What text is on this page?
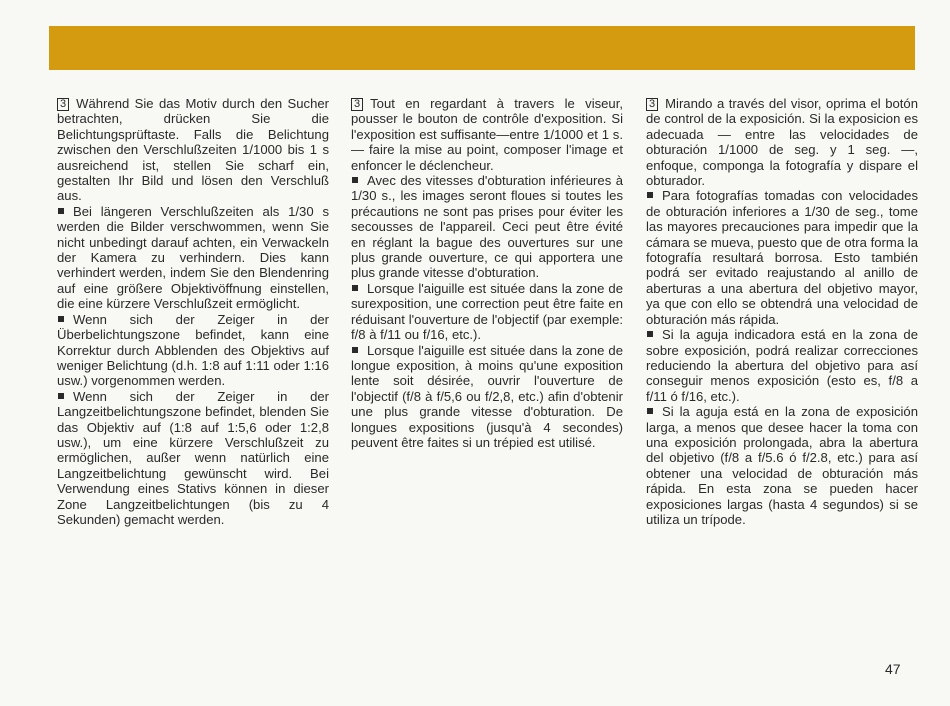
3 Während Sie das Motiv durch den Sucher betrachten, drücken Sie die Belichtungsprüftaste. Falls die Belichtung zwischen den Verschlußzeiten 1/1000 bis 1 s ausreichend ist, stellen Sie scharf ein, gestalten Ihr Bild und lösen den Verschluß aus.

Bei längeren Verschlußzeiten als 1/30 s werden die Bilder verschwommen, wenn Sie nicht unbedingt darauf achten, ein Verwackeln der Kamera zu verhindern. Dies kann verhindert werden, indem Sie den Blendenring auf eine größere Objektivöffnung einstellen, die eine kürzere Verschlußzeit ermöglicht.

Wenn sich der Zeiger in der Überbelichtungszone befindet, kann eine Korrektur durch Abblenden des Objektivs auf weniger Belichtung (d.h. 1:8 auf 1:11 oder 1:16 usw.) vorgenommen werden.

Wenn sich der Zeiger in der Langzeitbelichtungszone befindet, blenden Sie das Objektiv auf (1:8 auf 1:5,6 oder 1:2,8 usw.), um eine kürzere Verschlußzeit zu ermöglichen, außer wenn natürlich eine Langzeitbelichtung gewünscht wird. Bei Verwendung eines Stativs können in dieser Zone Langzeitbelichtungen (bis zu 4 Sekunden) gemacht werden.

3 Tout en regardant à travers le viseur, pousser le bouton de contrôle d'exposition. Si l'exposition est suffisante—entre 1/1000 et 1 s. — faire la mise au point, composer l'image et enfoncer le déclencheur.

Avec des vitesses d'obturation inférieures à 1/30 s., les images seront floues si toutes les précautions ne sont pas prises pour éviter les secousses de l'appareil. Ceci peut être évité en réglant la bague des ouvertures sur une plus grande ouverture, ce qui apportera une plus grande vitesse d'obturation.

Lorsque l'aiguille est située dans la zone de surexposition, une correction peut être faite en réduisant l'ouverture de l'objectif (par exemple: f/8 à f/11 ou f/16, etc.).

Lorsque l'aiguille est située dans la zone de longue exposition, à moins qu'une exposition lente soit désirée, ouvrir l'ouverture de l'objectif (f/8 à f/5,6 ou f/2,8, etc.) afin d'obtenir une plus grande vitesse d'obturation. De longues expositions (jusqu'à 4 secondes) peuvent être faites si un trépied est utilisé.

3 Mirando a través del visor, oprima el botón de control de la exposición. Si la exposicion es adecuada — entre las velocidades de obturación 1/1000 de seg. y 1 seg. —, enfoque, componga la fotografía y dispare el obturador.

Para fotografías tomadas con velocidades de obturación inferiores a 1/30 de seg., tome las mayores precauciones para impedir que la cámara se mueva, puesto que de otra forma la fotografía resultará borrosa. Esto también podrá ser evitado reajustando al anillo de aberturas a una abertura del objetivo mayor, ya que con ello se obtendrá una velocidad de obturación más rápida.

Si la aguja indicadora está en la zona de sobre exposición, podrá realizar correcciones reduciendo la abertura del objetivo para así conseguir menos exposición (esto es, f/8 a f/11 ó f/16, etc.).

Si la aguja está en la zona de exposición larga, a menos que desee hacer la toma con una exposición prolongada, abra la abertura del objetivo (f/8 a f/5.6 ó f/2.8, etc.) para así obtener una velocidad de obturación más rápida. En esta zona se pueden hacer exposiciones largas (hasta 4 segundos) si se utiliza un trípode.

47
